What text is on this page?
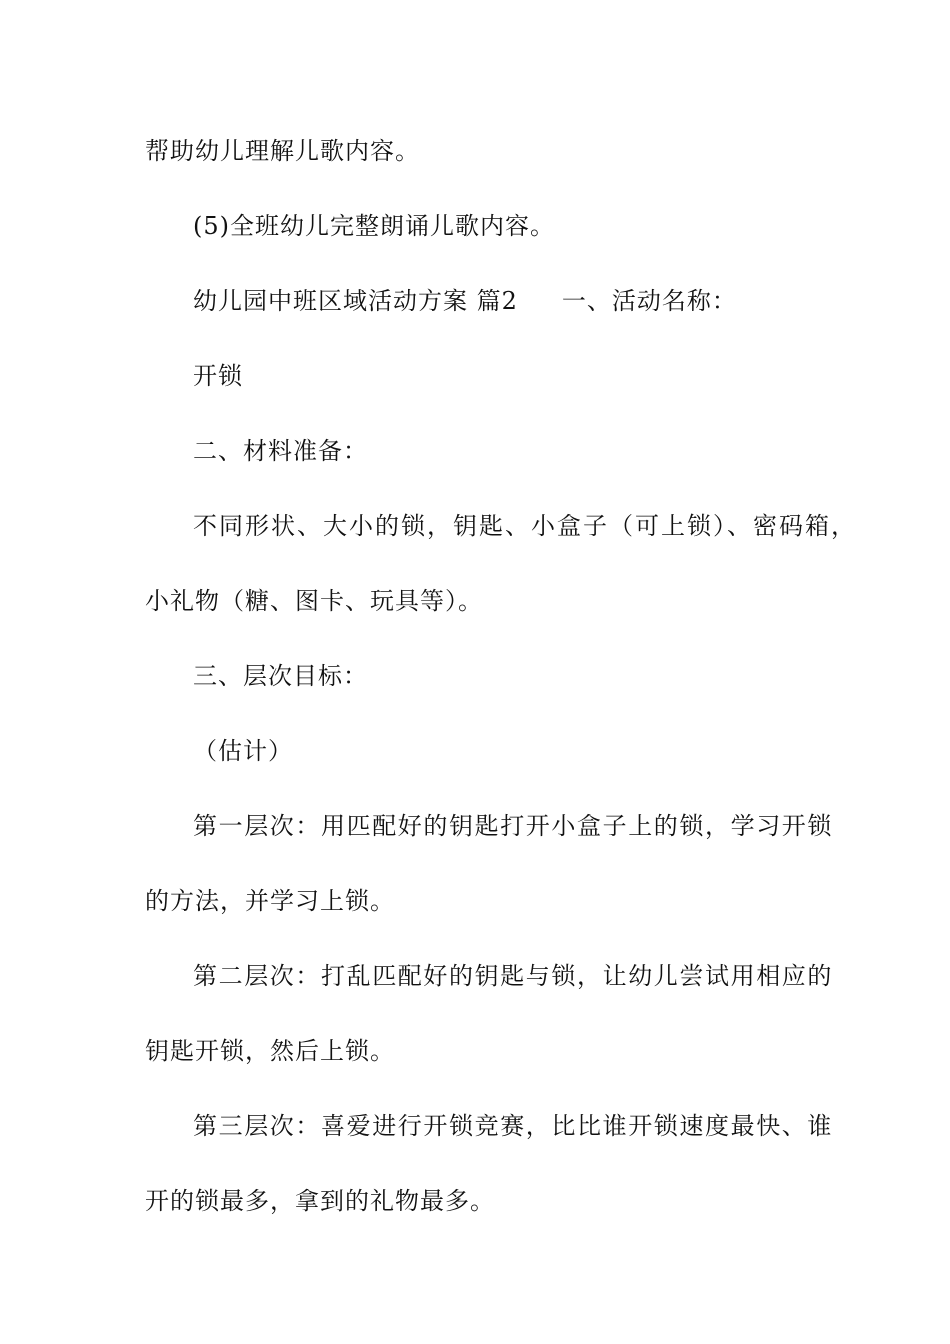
帮助幼儿理解儿歌内容。
(5)全班幼儿完整朗诵儿歌内容。
幼儿园中班区域活动方案 篇2 一、活动名称：
开锁
二、材料准备：
不同形状、大小的锁，钥匙、小盒子（可上锁）、密码箱，
小礼物（糖、图卡、玩具等）。
三、层次目标：
（估计）
第一层次：用匹配好的钥匙打开小盒子上的锁，学习开锁
的方法，并学习上锁。
第二层次：打乱匹配好的钥匙与锁，让幼儿尝试用相应的
钥匙开锁，然后上锁。
第三层次：喜爱进行开锁竞赛，比比谁开锁速度最快、谁
开的锁最多，拿到的礼物最多。
